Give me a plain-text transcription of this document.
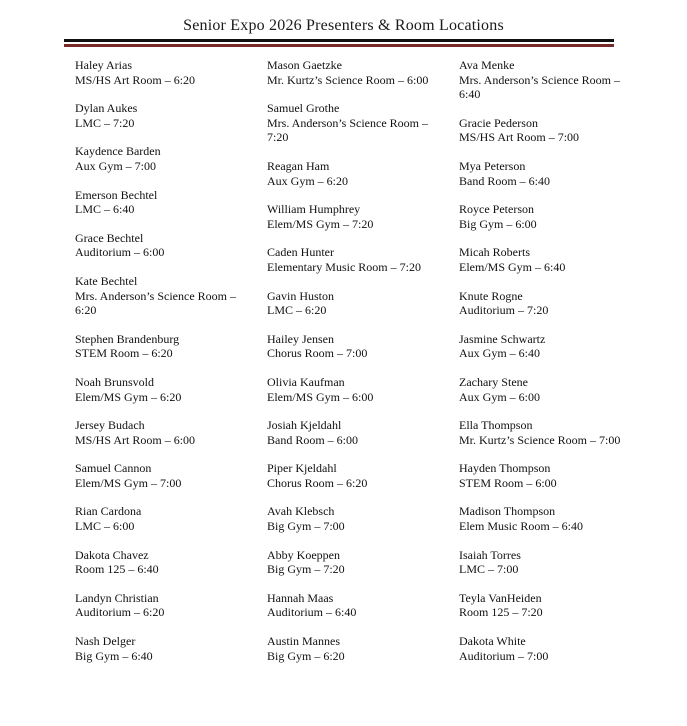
Senior Expo 2026 Presenters & Room Locations
Haley Arias
MS/HS Art Room – 6:20
Dylan Aukes
LMC – 7:20
Kaydence Barden
Aux Gym – 7:00
Emerson Bechtel
LMC – 6:40
Grace Bechtel
Auditorium – 6:00
Kate Bechtel
Mrs. Anderson’s Science Room – 6:20
Stephen Brandenburg
STEM Room – 6:20
Noah Brunsvold
Elem/MS Gym – 6:20
Jersey Budach
MS/HS Art Room – 6:00
Samuel Cannon
Elem/MS Gym – 7:00
Rian Cardona
LMC – 6:00
Dakota Chavez
Room 125 – 6:40
Landyn Christian
Auditorium – 6:20
Nash Delger
Big Gym – 6:40
Mason Gaetzke
Mr. Kurtz’s Science Room – 6:00
Samuel Grothe
Mrs. Anderson’s Science Room – 7:20
Reagan Ham
Aux Gym – 6:20
William Humphrey
Elem/MS Gym – 7:20
Caden Hunter
Elementary Music Room – 7:20
Gavin Huston
LMC – 6:20
Hailey Jensen
Chorus Room – 7:00
Olivia Kaufman
Elem/MS Gym – 6:00
Josiah Kjeldahl
Band Room – 6:00
Piper Kjeldahl
Chorus Room – 6:20
Avah Klebsch
Big Gym – 7:00
Abby Koeppen
Big Gym – 7:20
Hannah Maas
Auditorium – 6:40
Austin Mannes
Big Gym – 6:20
Ava Menke
Mrs. Anderson’s Science Room – 6:40
Gracie Pederson
MS/HS Art Room – 7:00
Mya Peterson
Band Room – 6:40
Royce Peterson
Big Gym – 6:00
Micah Roberts
Elem/MS Gym – 6:40
Knute Rogne
Auditorium – 7:20
Jasmine Schwartz
Aux Gym – 6:40
Zachary Stene
Aux Gym – 6:00
Ella Thompson
Mr. Kurtz’s Science Room – 7:00
Hayden Thompson
STEM Room – 6:00
Madison Thompson
Elem Music Room – 6:40
Isaiah Torres
LMC – 7:00
Teyla VanHeiden
Room 125 – 7:20
Dakota White
Auditorium – 7:00
